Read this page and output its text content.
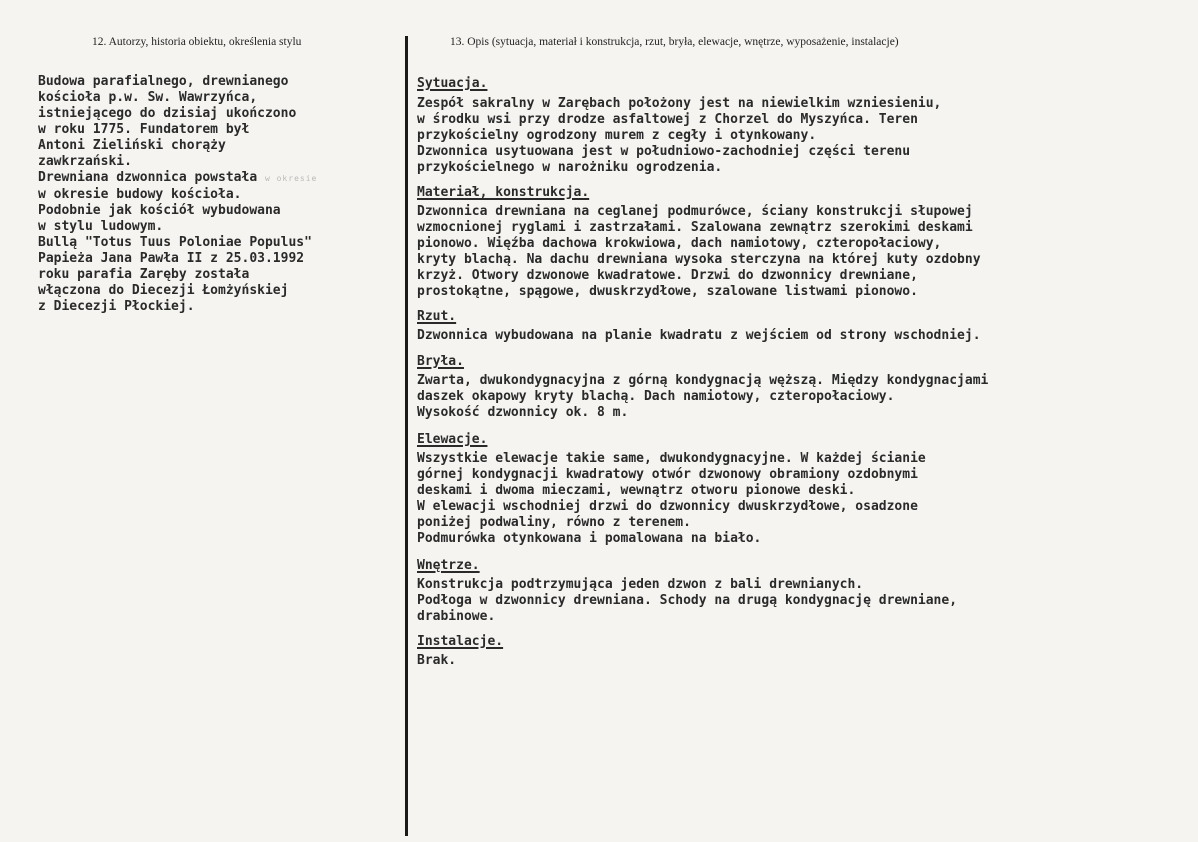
12. Autorzy, historia obiektu, określenia stylu	13. Opis (sytuacja, materiał i konstrukcja, rzut, bryła, elewacje, wnętrze, wyposażenie, instalacje)

Budowa parafialnego, drewnianego

kościoła p.w. Sw. Wawrzyńca,

istniejącego do dzisiaj ukończono

w roku 1775. Fundatorem był

Antoni Zieliński chorąży

zawkrzański.

Drewniana dzwonnica powstała w okresie

w okresie budowy kościoła.

Podobnie jak kościół wybudowana

w stylu ludowym.

Bullą "Totus Tuus Poloniae Populus"

Papieża Jana Pawła II z 25.03.1992

roku parafia Zaręby została

włączona do Diecezji Łomżyńskiej

z Diecezji Płockiej.

Sytuacja.

Zespół sakralny w Zarębach położony jest na niewielkim wzniesieniu,

w środku wsi przy drodze asfaltowej z Chorzel do Myszyńca. Teren

przykościelny ogrodzony murem z cegły i otynkowany.

Dzwonnica usytuowana jest w południowo-zachodniej części terenu

przykościelnego w narożniku ogrodzenia.

Materiał, konstrukcja.

Dzwonnica drewniana na ceglanej podmurówce, ściany konstrukcji słupowej

wzmocnionej ryglami i zastrzałami. Szalowana zewnątrz szerokimi deskami

pionowo. Więźba dachowa krokwiowa, dach namiotowy, czteropołaciowy,

kryty blachą. Na dachu drewniana wysoka sterczyna na której kuty ozdobny

krzyż. Otwory dzwonowe kwadratowe. Drzwi do dzwonnicy drewniane,

prostokątne, spągowe, dwuskrzydłowe, szalowane listwami pionowo.

Rzut.

Dzwonnica wybudowana na planie kwadratu z wejściem od strony wschodniej.

Bryła.

Zwarta, dwukondygnacyjna z górną kondygnacją węższą. Między kondygnacjami

daszek okapowy kryty blachą. Dach namiotowy, czteropołaciowy.

Wysokość dzwonnicy ok. 8 m.

Elewacje.

Wszystkie elewacje takie same, dwukondygnacyjne. W każdej ścianie

górnej kondygnacji kwadratowy otwór dzwonowy obramiony ozdobnymi

deskami i dwoma mieczami, wewnątrz otworu pionowe deski.

W elewacji wschodniej drzwi do dzwonnicy dwuskrzydłowe, osadzone

poniżej podwaliny, równo z terenem.

Podmurówka otynkowana i pomalowana na biało.

Wnętrze.

Konstrukcja podtrzymująca jeden dzwon z bali drewnianych.

Podłoga w dzwonnicy drewniana. Schody na drugą kondygnację drewniane,

drabinowe.

Instalacje.

Brak.
